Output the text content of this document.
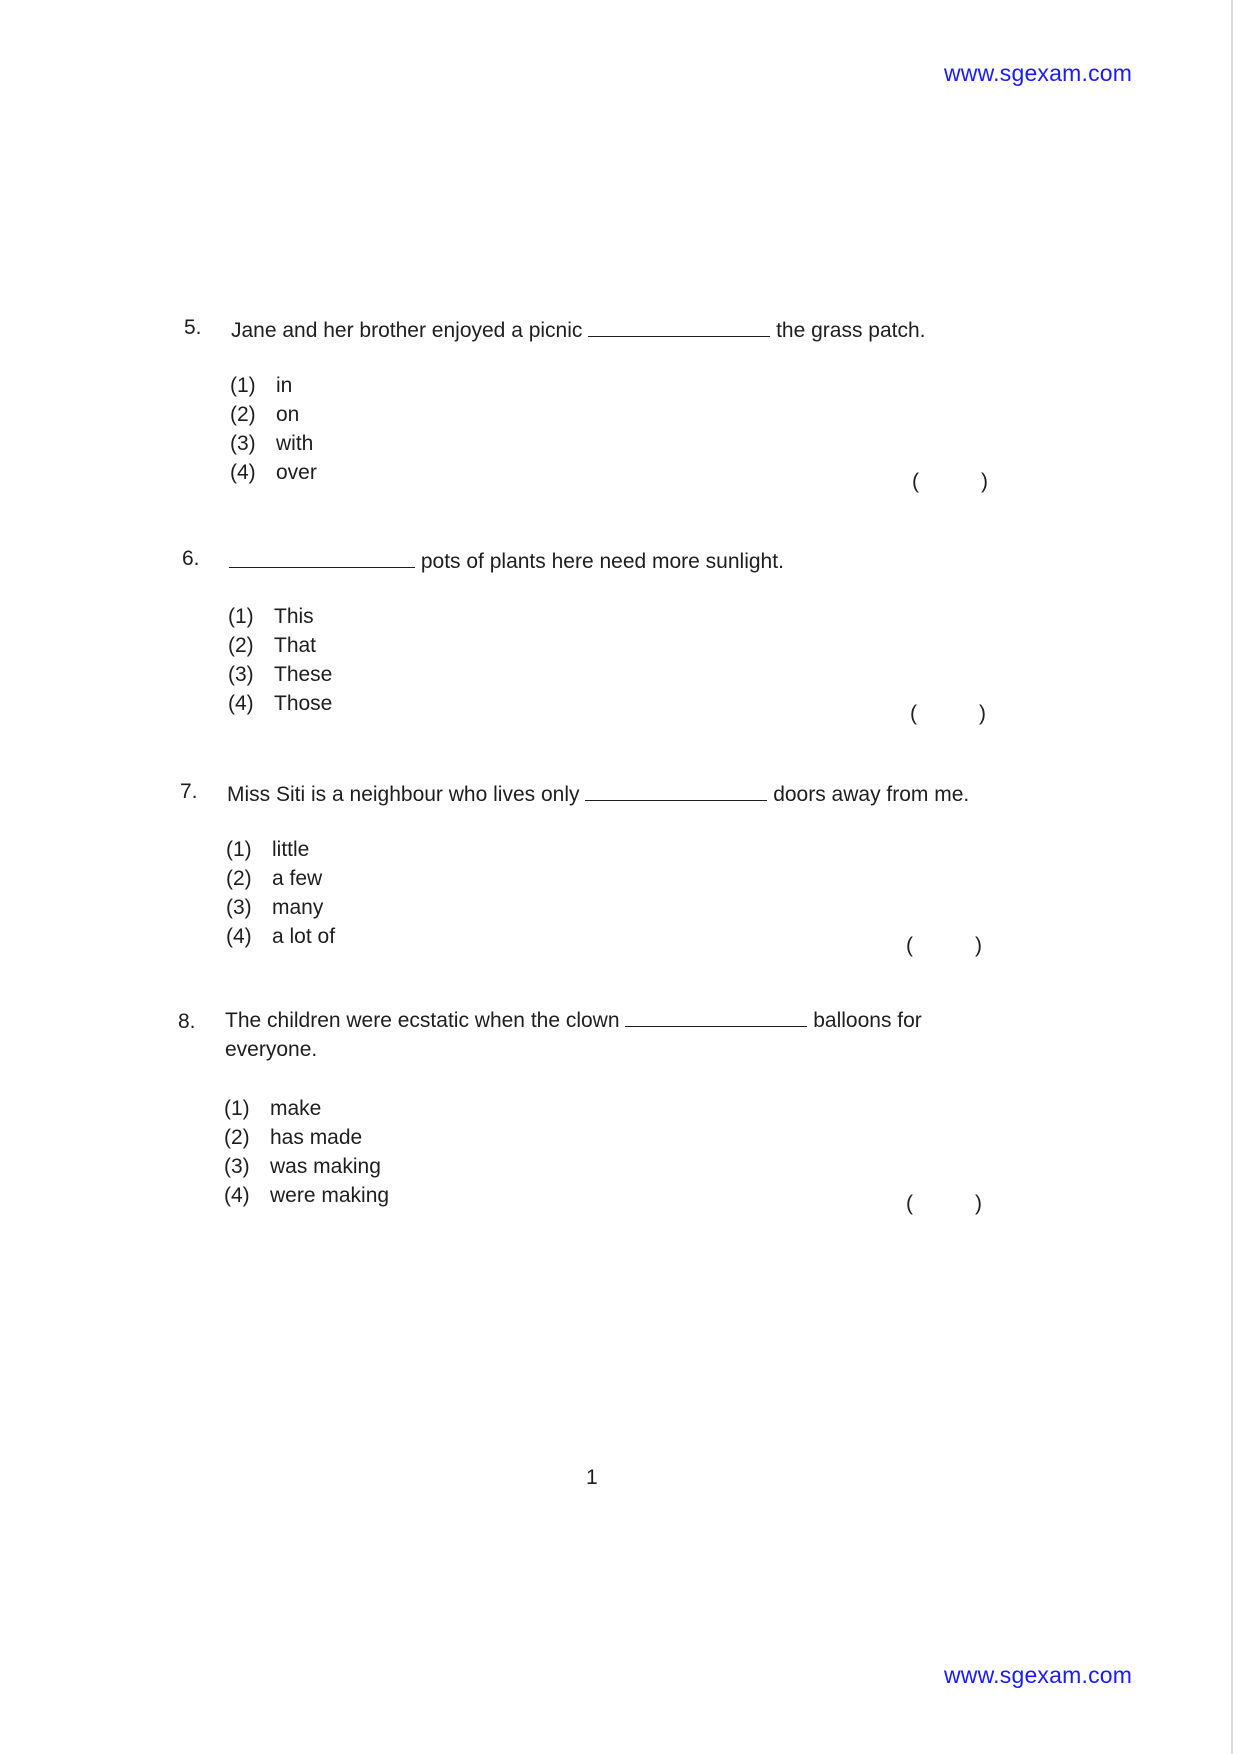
www.sgexam.com
5. Jane and her brother enjoyed a picnic	the grass patch.
(1) in
(2) on
(3) with
(4) over	(	)
6.	pots of plants here need more sunlight.
(1) This
(2) That
(3) These
(4) Those	(	)
7. Miss Siti is a neighbour who lives only	doors away from me.
(1) little
(2) a few
(3) many
(4) a lot of	(	)
8. The children were ecstatic when the clown	balloons for everyone.
(1) make
(2) has made
(3) was making
(4) were making	(	)
1
www.sgexam.com
